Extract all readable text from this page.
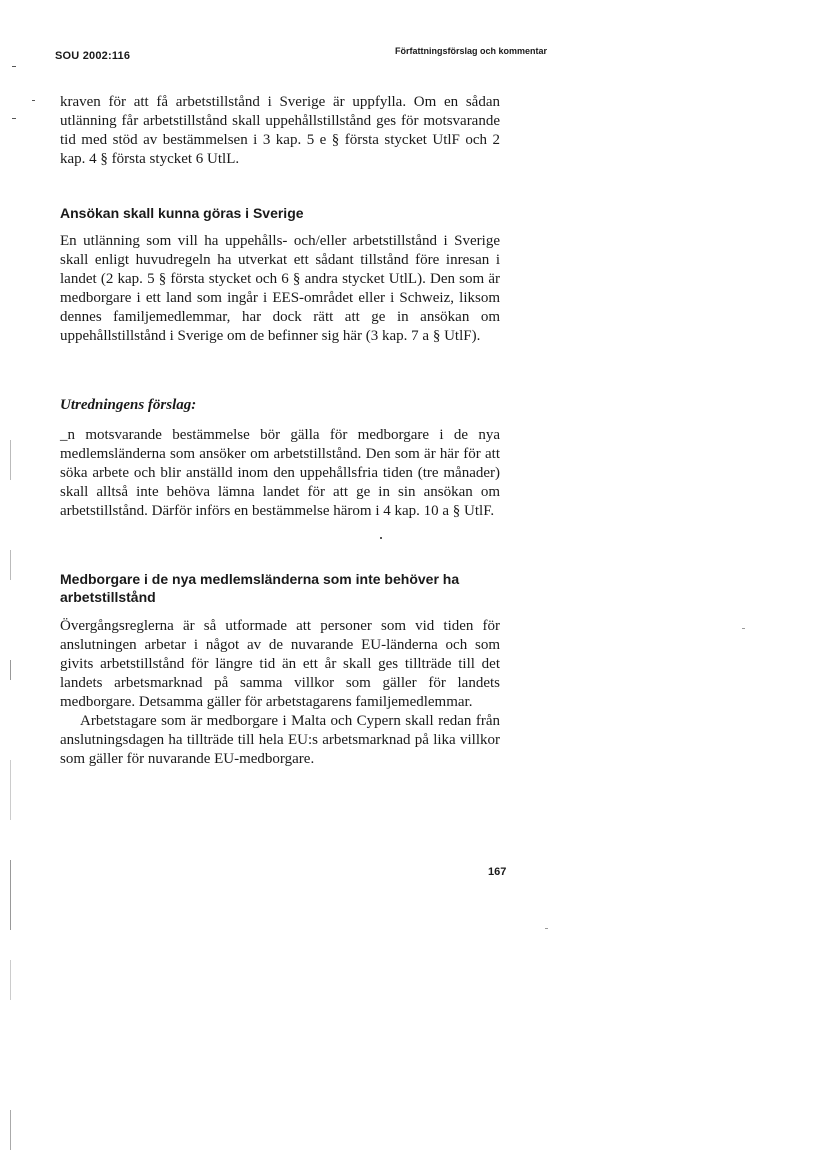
SOU 2002:116	Författningsförslag och kommentar

kraven för att få arbetstillstånd i Sverige är uppfylla. Om en sådan utlänning får arbetstillstånd skall uppehållstillstånd ges för motsvarande tid med stöd av bestämmelsen i 3 kap. 5 e § första stycket UtlF och 2 kap. 4 § första stycket 6 UtlL.

Ansökan skall kunna göras i Sverige

En utlänning som vill ha uppehålls- och/eller arbetstillstånd i Sverige skall enligt huvudregeln ha utverkat ett sådant tillstånd före inresan i landet (2 kap. 5 § första stycket och 6 § andra stycket UtlL). Den som är medborgare i ett land som ingår i EES-området eller i Schweiz, liksom dennes familjemedlemmar, har dock rätt att ge in ansökan om uppehållstillstånd i Sverige om de befinner sig här (3 kap. 7 a § UtlF).

Utredningens förslag:

_n motsvarande bestämmelse bör gälla för medborgare i de nya medlemsländerna som ansöker om arbetstillstånd. Den som är här för att söka arbete och blir anställd inom den uppehållsfria tiden (tre månader) skall alltså inte behöva lämna landet för att ge in sin ansökan om arbetstillstånd. Därför införs en bestämmelse härom i 4 kap. 10 a § UtlF.

Medborgare i de nya medlemsländerna som inte behöver ha arbetstillstånd

Övergångsreglerna är så utformade att personer som vid tiden för anslutningen arbetar i något av de nuvarande EU-länderna och som givits arbetstillstånd för längre tid än ett år skall ges tillträde till det landets arbetsmarknad på samma villkor som gäller för landets medborgare. Detsamma gäller för arbetstagarens familjemedlemmar.
Arbetstagare som är medborgare i Malta och Cypern skall redan från anslutningsdagen ha tillträde till hela EU:s arbetsmarknad på lika villkor som gäller för nuvarande EU-medborgare.

167
